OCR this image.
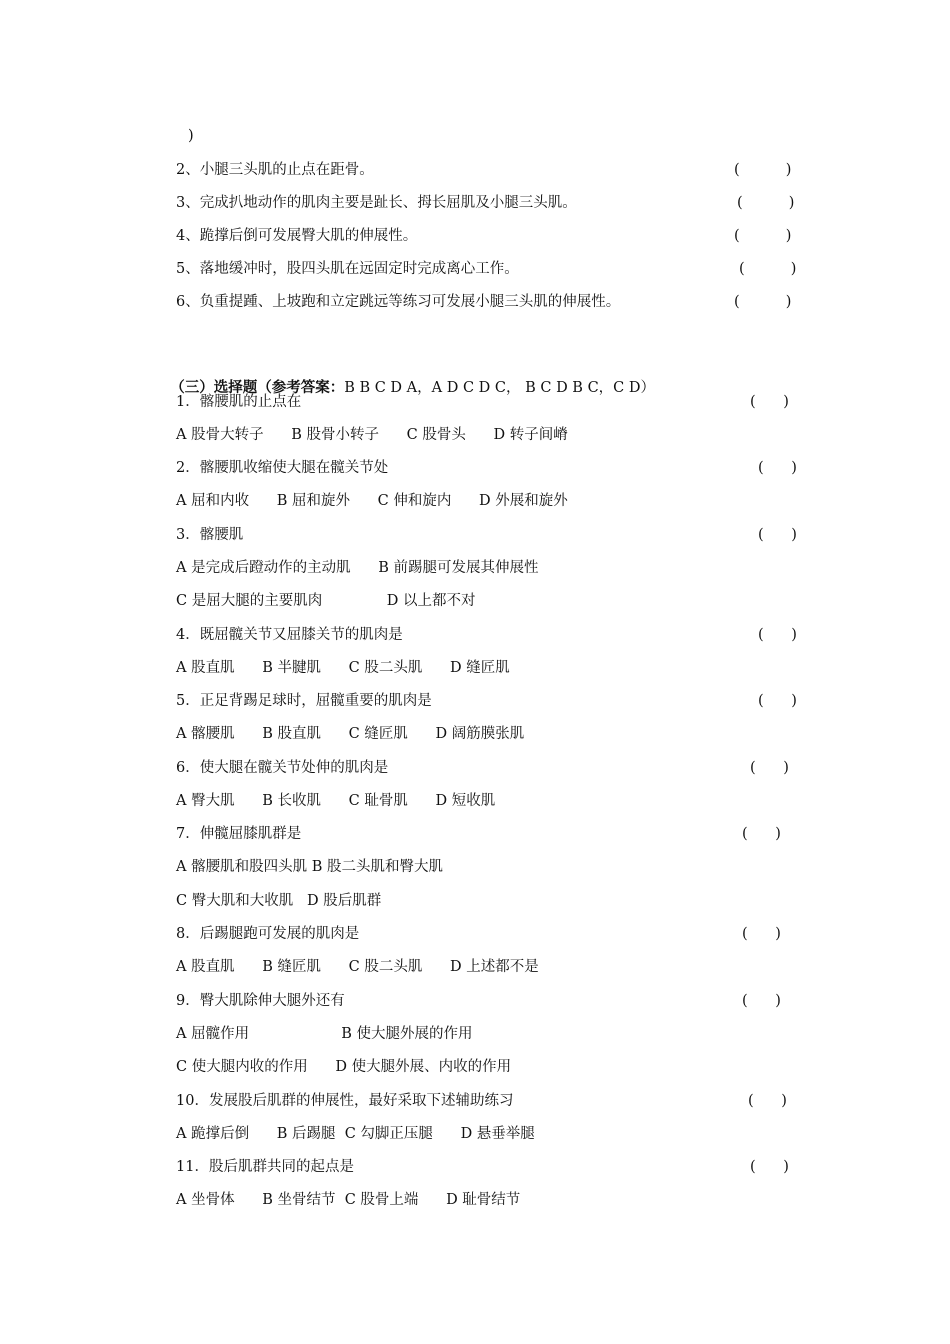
)
2、小腿三头肌的止点在距骨。	(          )
3、完成扒地动作的肌肉主要是趾长、拇长屈肌及小腿三头肌。	(          )
4、跪撑后倒可发展臀大肌的伸展性。	(          )
5、落地缓冲时，股四头肌在远固定时完成离心工作。	(          )
6、负重提踵、上坡跑和立定跳远等练习可发展小腿三头肌的伸展性。	(          )

（三）选择题（参考答案：B B C D A，A D C D C， B C D B C，C D）

1．髂腰肌的止点在	(      )
A 股骨大转子      B 股骨小转子      C 股骨头      D 转子间嵴
2．髂腰肌收缩使大腿在髋关节处	(      )
A 屈和内收      B 屈和旋外      C 伸和旋内      D 外展和旋外
3．髂腰肌	(      )
A 是完成后蹬动作的主动肌      B 前踢腿可发展其伸展性
C 是屈大腿的主要肌肉              D 以上都不对
4．既屈髋关节又屈膝关节的肌肉是	(      )
A 股直肌      B 半腱肌      C 股二头肌      D 缝匠肌
5．正足背踢足球时，屈髋重要的肌肉是	(      )
A 髂腰肌      B 股直肌      C 缝匠肌      D 阔筋膜张肌
6．使大腿在髋关节处伸的肌肉是	(      )
A 臀大肌      B 长收肌      C 耻骨肌      D 短收肌
7．伸髋屈膝肌群是	(      )
A 髂腰肌和股四头肌 B 股二头肌和臀大肌
C 臀大肌和大收肌   D 股后肌群
8．后踢腿跑可发展的肌肉是	(      )
A 股直肌      B 缝匠肌      C 股二头肌      D 上述都不是
9．臀大肌除伸大腿外还有	(      )
A 屈髋作用                    B 使大腿外展的作用
C 使大腿内收的作用      D 使大腿外展、内收的作用
10．发展股后肌群的伸展性，最好采取下述辅助练习	(      )
A 跪撑后倒      B 后踢腿  C 勾脚正压腿      D 悬垂举腿
11．股后肌群共同的起点是	(      )
A 坐骨体      B 坐骨结节  C 股骨上端      D 耻骨结节
